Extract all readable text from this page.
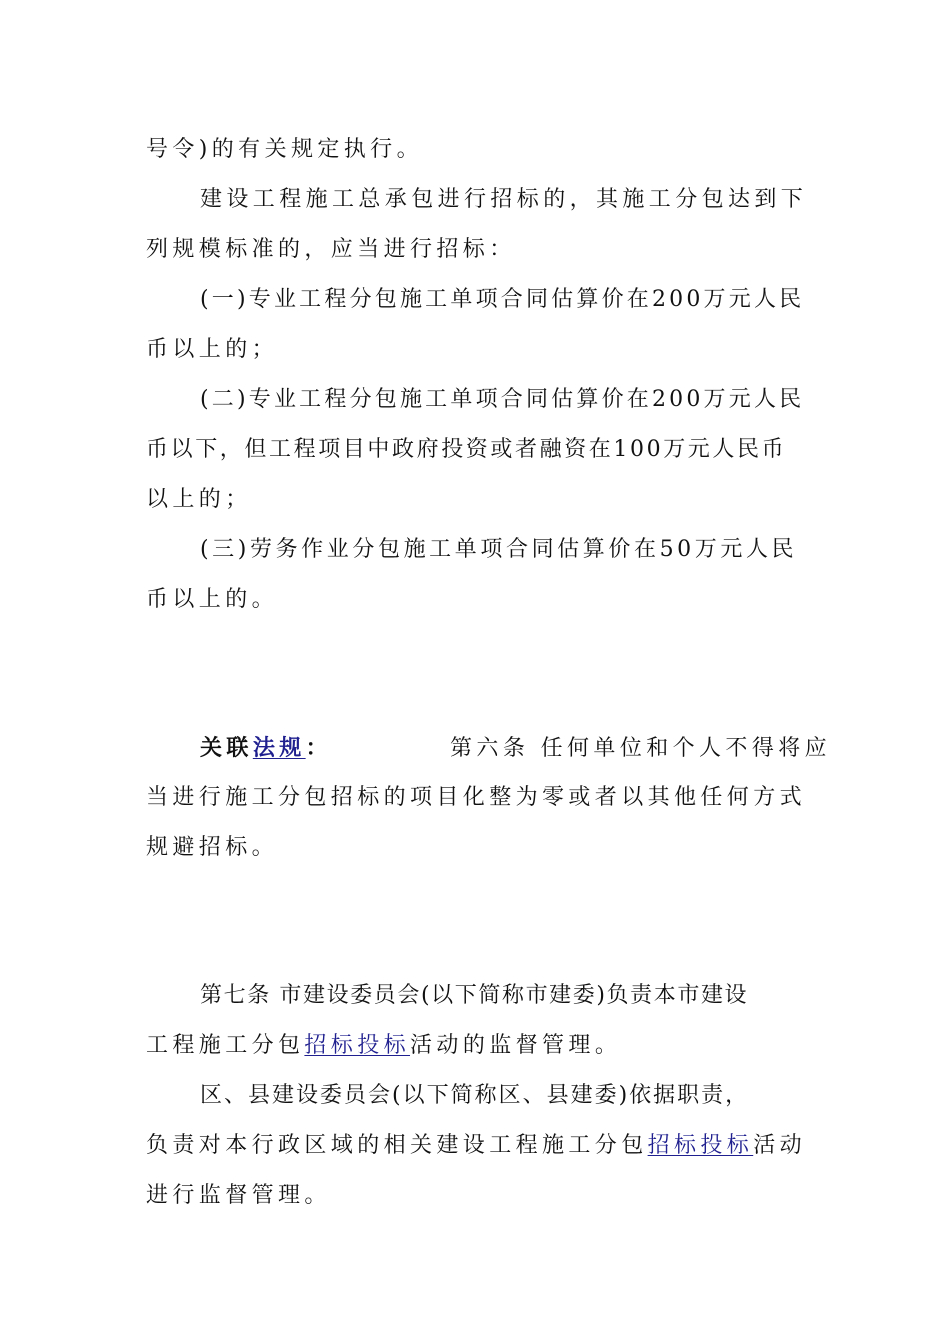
号令)的有关规定执行。
建设工程施工总承包进行招标的，其施工分包达到下
列规模标准的，应当进行招标：
(一)专业工程分包施工单项合同估算价在200万元人民
币以上的；
(二)专业工程分包施工单项合同估算价在200万元人民
币以下，但工程项目中政府投资或者融资在100万元人民币
以上的；
(三)劳务作业分包施工单项合同估算价在50万元人民
币以上的。
关联法规：	第六条 任何单位和个人不得将应
当进行施工分包招标的项目化整为零或者以其他任何方式
规避招标。
第七条 市建设委员会(以下简称市建委)负责本市建设
工程施工分包招标投标活动的监督管理。
区、县建设委员会(以下简称区、县建委)依据职责，
负责对本行政区域的相关建设工程施工分包招标投标活动
进行监督管理。
